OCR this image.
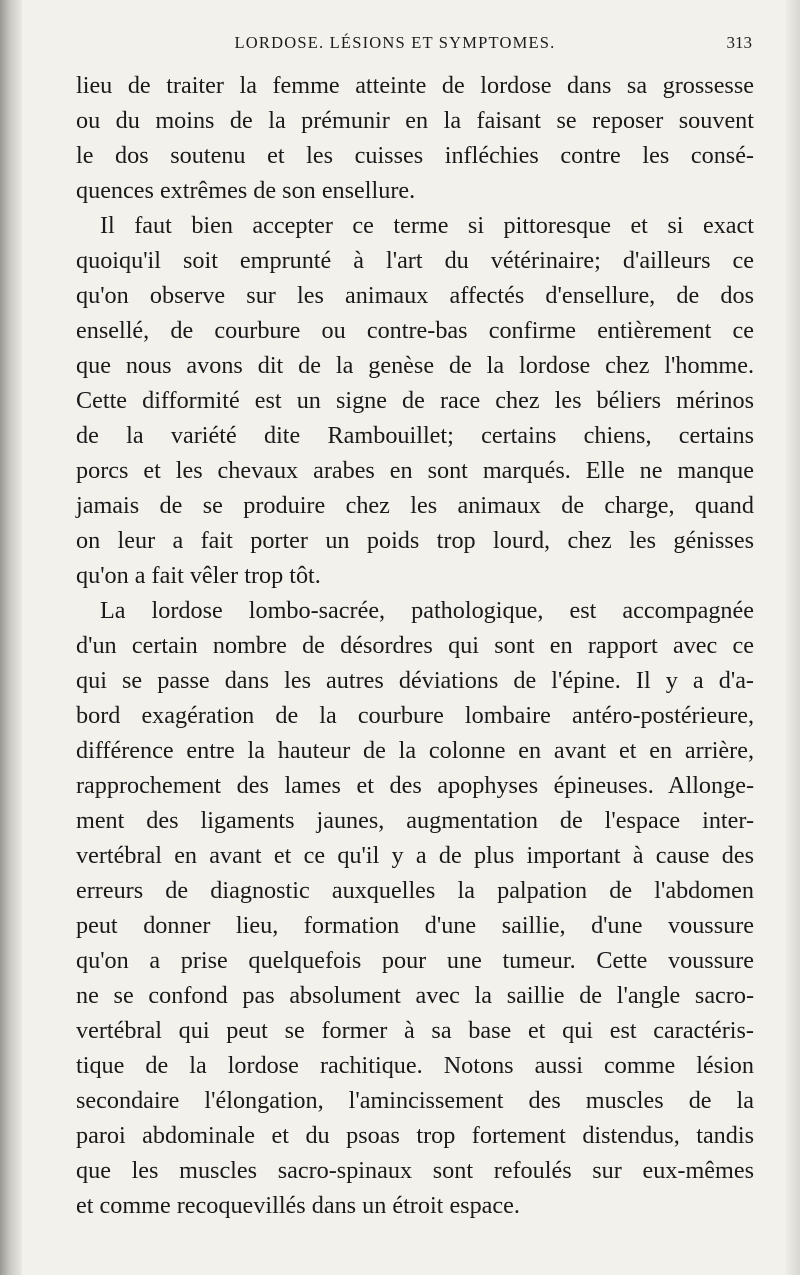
LORDOSE. LÉSIONS ET SYMPTOMES.	313

lieu de traiter la femme atteinte de lordose dans sa grossesse

ou du moins de la prémunir en la faisant se reposer souvent

le dos soutenu et les cuisses infléchies contre les consé-

quences extrêmes de son ensellure.

Il faut bien accepter ce terme si pittoresque et si exact

quoiqu'il soit emprunté à l'art du vétérinaire; d'ailleurs ce

qu'on observe sur les animaux affectés d'ensellure, de dos

ensellé, de courbure ou contre-bas confirme entièrement ce

que nous avons dit de la genèse de la lordose chez l'homme.

Cette difformité est un signe de race chez les béliers mérinos

de la variété dite Rambouillet; certains chiens, certains

porcs et les chevaux arabes en sont marqués. Elle ne manque

jamais de se produire chez les animaux de charge, quand

on leur a fait porter un poids trop lourd, chez les génisses

qu'on a fait vêler trop tôt.

La lordose lombo-sacrée, pathologique, est accompagnée

d'un certain nombre de désordres qui sont en rapport avec ce

qui se passe dans les autres déviations de l'épine. Il y a d'a-

bord exagération de la courbure lombaire antéro-postérieure,

différence entre la hauteur de la colonne en avant et en arrière,

rapprochement des lames et des apophyses épineuses. Allonge-

ment des ligaments jaunes, augmentation de l'espace inter-

vertébral en avant et ce qu'il y a de plus important à cause des

erreurs de diagnostic auxquelles la palpation de l'abdomen

peut donner lieu, formation d'une saillie, d'une voussure

qu'on a prise quelquefois pour une tumeur. Cette voussure

ne se confond pas absolument avec la saillie de l'angle sacro-

vertébral qui peut se former à sa base et qui est caractéris-

tique de la lordose rachitique. Notons aussi comme lésion

secondaire l'élongation, l'amincissement des muscles de la

paroi abdominale et du psoas trop fortement distendus, tandis

que les muscles sacro-spinaux sont refoulés sur eux-mêmes

et comme recoquevillés dans un étroit espace.
